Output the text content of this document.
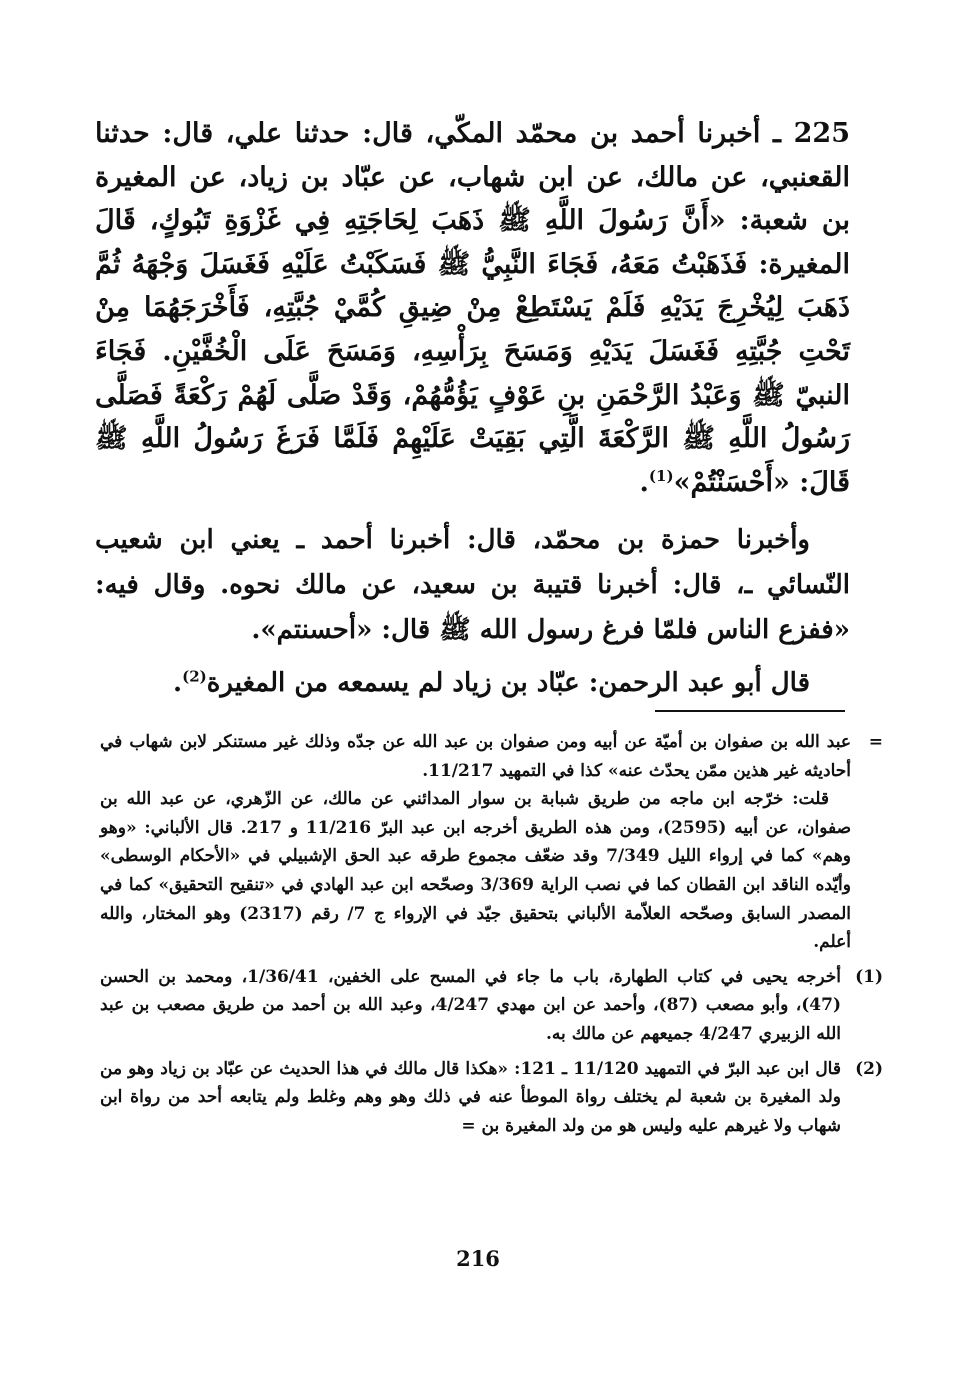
225 ـ أخبرنا أحمد بن محمّد المكّي، قال: حدثنا علي، قال: حدثنا القعنبي، عن مالك، عن ابن شهاب، عن عبّاد بن زياد، عن المغيرة بن شعبة: «أَنَّ رَسُولَ اللَّهِ ﷺ ذَهَبَ لِحَاجَتِهِ فِي غَزْوَةِ تَبُوكٍ، قَالَ المغيرة: فَذَهَبْتُ مَعَهُ، فَجَاءَ النَّبِيُّ ﷺ فَسَكَبْتُ عَلَيْهِ فَغَسَلَ وَجْهَهُ ثُمَّ ذَهَبَ لِيُخْرِجَ يَدَيْهِ فَلَمْ يَسْتَطِعْ مِنْ ضِيقِ كُمَّيْ جُبَّتِهِ، فَأَخْرَجَهُمَا مِنْ تَحْتِ جُبَّتِهِ فَغَسَلَ يَدَيْهِ وَمَسَحَ بِرَأْسِهِ، وَمَسَحَ عَلَى الْخُفَّيْنِ. فَجَاءَ النبيّ ﷺ وَعَبْدُ الرَّحْمَنِ بنِ عَوْفٍ يَؤُمُّهُمْ، وَقَدْ صَلَّى لَهُمْ رَكْعَةً فَصَلَّى رَسُولُ اللَّهِ ﷺ الرَّكْعَةَ الَّتِي بَقِيَتْ عَلَيْهِمْ فَلَمَّا فَرَغَ رَسُولُ اللَّهِ ﷺ قَالَ: «أَحْسَنْتُمْ»$^{(1)}$.

وأخبرنا حمزة بن محمّد، قال: أخبرنا أحمد ـ يعني ابن شعيب النّسائي ـ، قال: أخبرنا قتيبة بن سعيد، عن مالك نحوه. وقال فيه: «ففزع الناس فلمّا فرغ رسول الله ﷺ قال: «أحسنتم».

قال أبو عبد الرحمن: عبّاد بن زياد لم يسمعه من المغيرة$^{(2)}$.

=
عبد الله بن صفوان بن أميّة عن أبيه ومن صفوان بن عبد الله عن جدّه وذلك غير مستنكر لابن شهاب في أحاديثه غير هذين ممّن يحدّث عنه» كذا في التمهيد 11/217.

قلت: خرّجه ابن ماجه من طريق شبابة بن سوار المدائني عن مالك، عن الزّهري، عن عبد الله بن صفوان، عن أبيه (2595)، ومن هذه الطريق أخرجه ابن عبد البرّ 11/216 و 217. قال الألباني: «وهو وهم» كما في إرواء الليل 7/349 وقد ضعّف مجموع طرقه عبد الحق الإشبيلي في «الأحكام الوسطى» وأيّده الناقد ابن القطان كما في نصب الراية 3/369 وصحّحه ابن عبد الهادي في «تنقيح التحقيق» كما في المصدر السابق وصحّحه العلاّمة الألباني بتحقيق جيّد في الإرواء ج 7/ رقم (2317) وهو المختار، والله أعلم.

(1)
أخرجه يحيى في كتاب الطهارة، باب ما جاء في المسح على الخفين، 1/36/41، ومحمد بن الحسن (47)، وأبو مصعب (87)، وأحمد عن ابن مهدي 4/247، وعبد الله بن أحمد من طريق مصعب بن عبد الله الزبيري 4/247 جميعهم عن مالك به.

(2)
قال ابن عبد البرّ في التمهيد 11/120 ـ 121: «هكذا قال مالك في هذا الحديث عن عبّاد بن زياد وهو من ولد المغيرة بن شعبة لم يختلف رواة الموطأ عنه في ذلك وهو وهم وغلط ولم يتابعه أحد من رواة ابن شهاب ولا غيرهم عليه وليس هو من ولد المغيرة بن =

216
